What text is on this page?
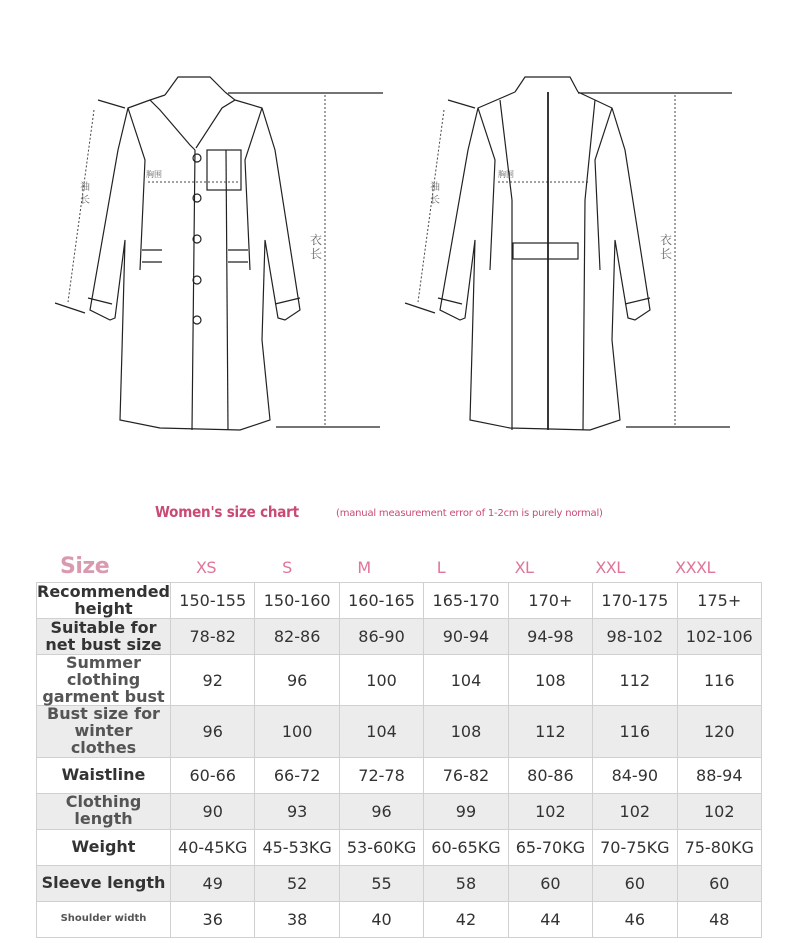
袖
长
胸围
衣
长
袖
长
胸围
衣
长
Women's size chart	(manual measurement error of 1-2cm is purely normal)
Size	XS	S	M	L	XL	XXL	XXXL
Recommended height	150-155	150-160	160-165	165-170	170+	170-175	175+
Suitable for net bust size	78-82	82-86	86-90	90-94	94-98	98-102	102-106

Summer clothing
garment bust	92	96	100	104	108	112	116

Bust size for winter
clothes	96	100	104	108	112	116	120
Waistline	60-66	66-72	72-78	76-82	80-86	84-90	88-94
Clothing length	90	93	96	99	102	102	102
Weight	40-45KG	45-53KG	53-60KG	60-65KG	65-70KG	70-75KG	75-80KG
Sleeve length	49	52	55	58	60	60	60
Shoulder width	36	38	40	42	44	46	48
